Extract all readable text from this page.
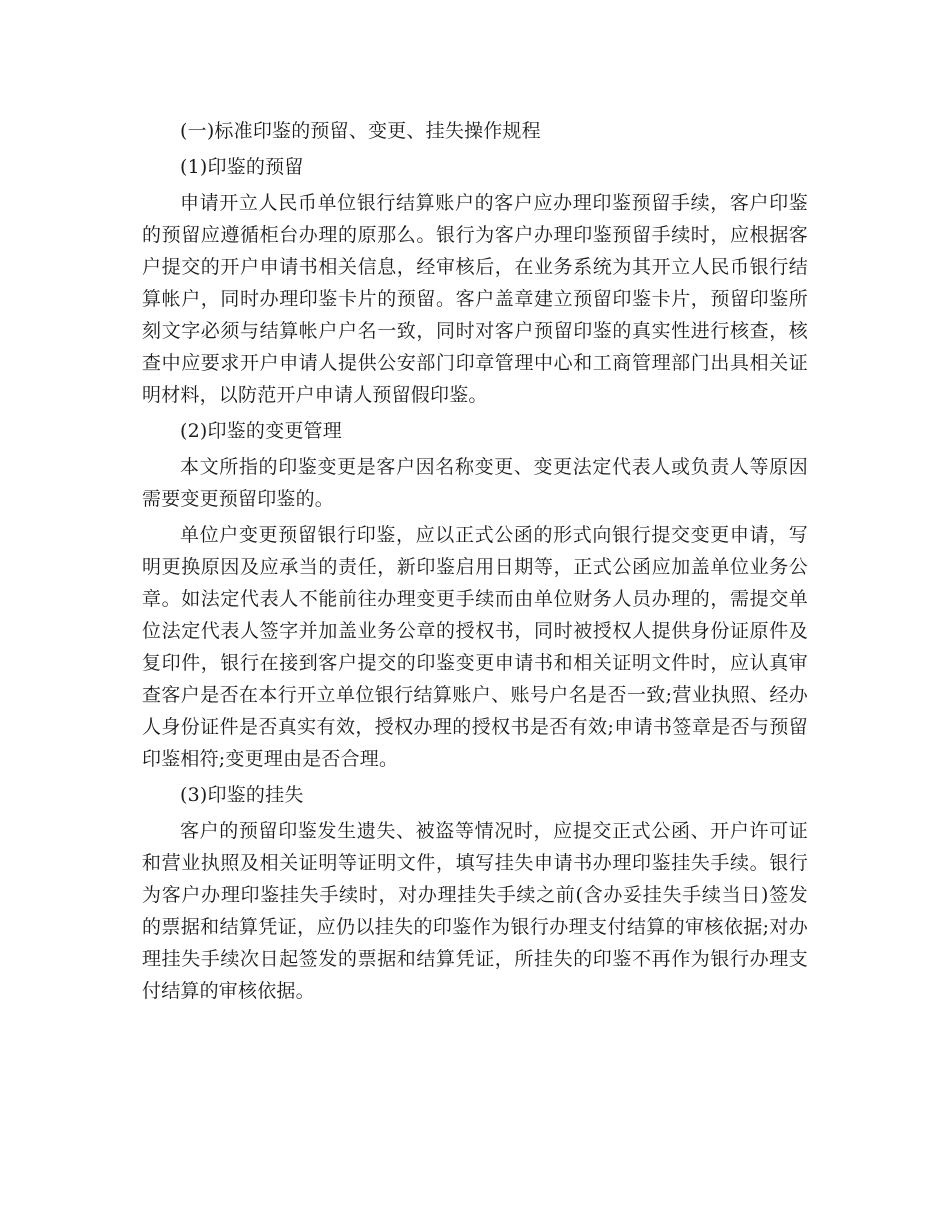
(一)标准印鉴的预留、变更、挂失操作规程

(1)印鉴的预留

申请开立人民币单位银行结算账户的客户应办理印鉴预留手续，客户印鉴的预留应遵循柜台办理的原那么。银行为客户办理印鉴预留手续时，应根据客户提交的开户申请书相关信息，经审核后，在业务系统为其开立人民币银行结算帐户，同时办理印鉴卡片的预留。客户盖章建立预留印鉴卡片，预留印鉴所刻文字必须与结算帐户户名一致，同时对客户预留印鉴的真实性进行核查，核查中应要求开户申请人提供公安部门印章管理中心和工商管理部门出具相关证明材料，以防范开户申请人预留假印鉴。

(2)印鉴的变更管理

本文所指的印鉴变更是客户因名称变更、变更法定代表人或负责人等原因需要变更预留印鉴的。

单位户变更预留银行印鉴，应以正式公函的形式向银行提交变更申请，写明更换原因及应承当的责任，新印鉴启用日期等，正式公函应加盖单位业务公章。如法定代表人不能前往办理变更手续而由单位财务人员办理的，需提交单位法定代表人签字并加盖业务公章的授权书，同时被授权人提供身份证原件及复印件，银行在接到客户提交的印鉴变更申请书和相关证明文件时，应认真审查客户是否在本行开立单位银行结算账户、账号户名是否一致;营业执照、经办人身份证件是否真实有效，授权办理的授权书是否有效;申请书签章是否与预留印鉴相符;变更理由是否合理。

(3)印鉴的挂失

客户的预留印鉴发生遗失、被盗等情况时，应提交正式公函、开户许可证和营业执照及相关证明等证明文件，填写挂失申请书办理印鉴挂失手续。银行为客户办理印鉴挂失手续时，对办理挂失手续之前(含办妥挂失手续当日)签发的票据和结算凭证，应仍以挂失的印鉴作为银行办理支付结算的审核依据;对办理挂失手续次日起签发的票据和结算凭证，所挂失的印鉴不再作为银行办理支付结算的审核依据。
